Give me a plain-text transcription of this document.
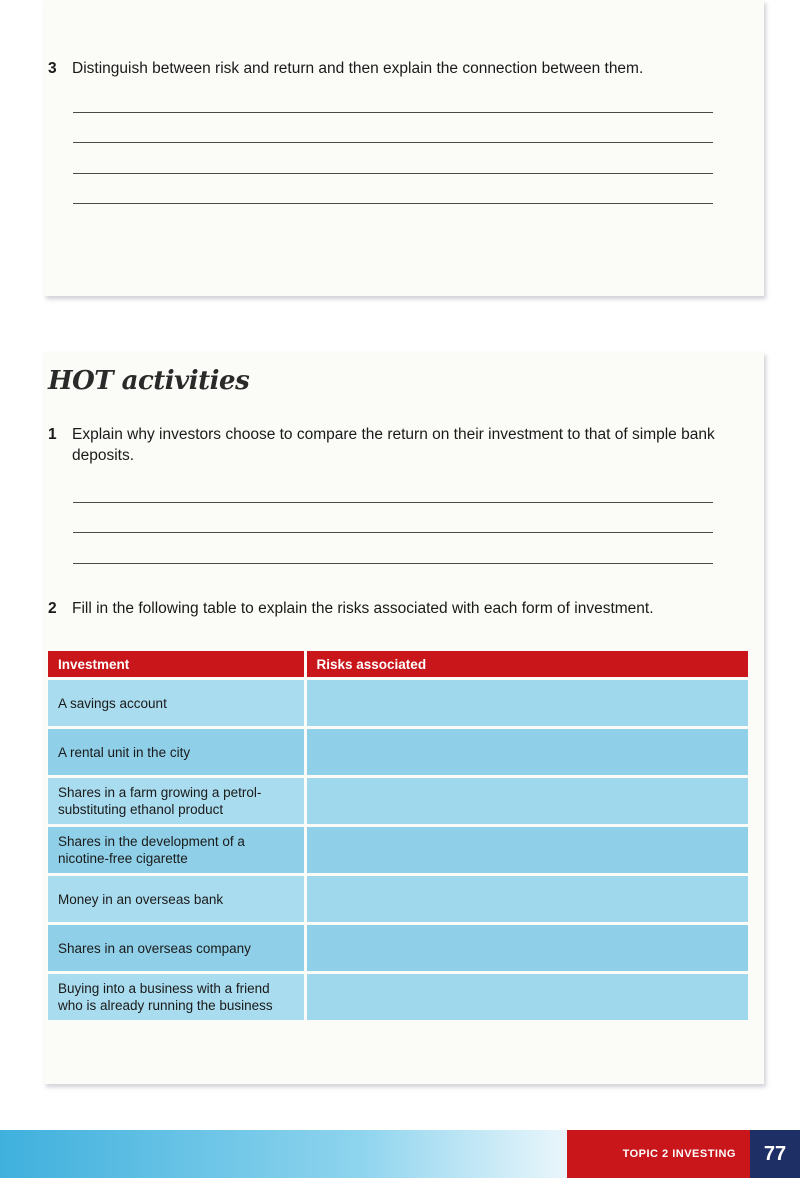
3 Distinguish between risk and return and then explain the connection between them.
HOT activities
1 Explain why investors choose to compare the return on their investment to that of simple bank deposits.
2 Fill in the following table to explain the risks associated with each form of investment.
Investment	Risks associated
A savings account	
A rental unit in the city	
Shares in a farm growing a petrol-substituting ethanol product	
Shares in the development of a nicotine-free cigarette	
Money in an overseas bank	
Shares in an overseas company	
Buying into a business with a friend who is already running the business	
TOPIC 2 INVESTING 77
